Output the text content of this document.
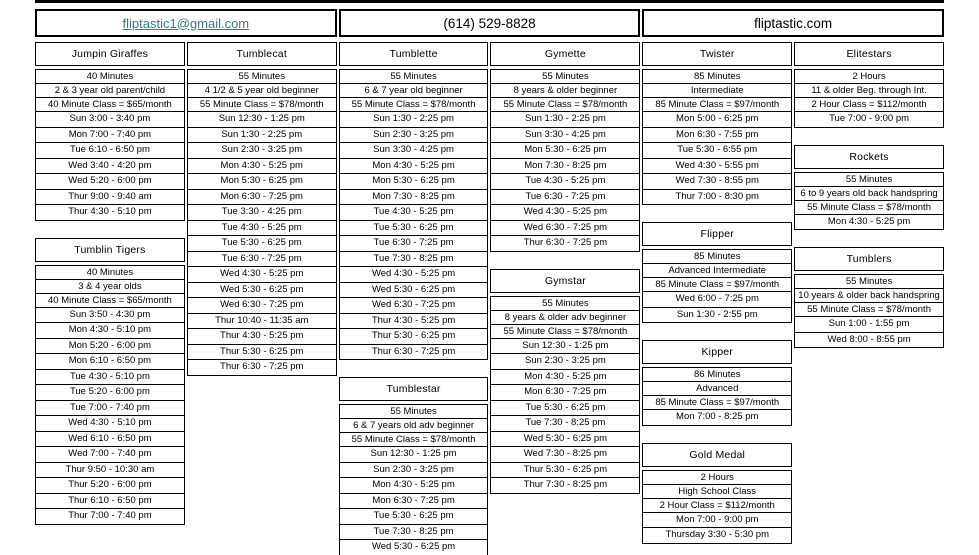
fliptastic1@gmail.com	(614) 529-8828	fliptastic.com
Jumpin Giraffes
40 Minutes
2 & 3 year old parent/child
40 Minute Class = $65/month
Sun 3:00 - 3:40 pm
Mon 7:00 - 7:40 pm
Tue 6:10 - 6:50 pm
Wed 3:40 - 4:20 pm
Wed 5:20 - 6:00 pm
Thur 9:00 - 9:40 am
Thur 4:30 - 5:10 pm
Tumblin Tigers
40 Minutes
3 & 4 year olds
40 Minute Class = $65/month
Sun 3:50 - 4:30 pm
Mon 4:30 - 5:10 pm
Mon 5:20 - 6:00 pm
Mon 6:10 - 6:50 pm
Tue 4:30 - 5:10 pm
Tue 5:20 - 6:00 pm
Tue 7:00 - 7:40 pm
Wed 4:30 - 5:10 pm
Wed 6:10 - 6:50 pm
Wed 7:00 - 7:40 pm
Thur 9:50 - 10:30 am
Thur 5:20 - 6:00 pm
Thur 6:10 - 6:50 pm
Thur 7:00 - 7:40 pm
Tumblecat
55 Minutes
4 1/2 & 5 year old beginner
55 Minute Class = $78/month
Sun 12:30 - 1:25 pm
Sun 1:30 - 2:25 pm
Sun 2:30 - 3:25 pm
Mon 4:30 - 5:25 pm
Mon 5:30 - 6:25 pm
Mon 6:30 - 7:25 pm
Tue 3:30 - 4:25 pm
Tue 4:30 - 5:25 pm
Tue 5:30 - 6:25 pm
Tue 6:30 - 7:25 pm
Wed 4:30 - 5:25 pm
Wed 5:30 - 6:25 pm
Wed 6:30 - 7:25 pm
Thur 10:40 - 11:35 am
Thur 4:30 - 5:25 pm
Thur 5:30 - 6:25 pm
Thur 6:30 - 7:25 pm
Tumblette
55 Minutes
6 & 7 year old beginner
55 Minute Class = $78/month
Sun 1:30 - 2:25 pm
Sun 2:30 - 3:25 pm
Sun 3:30 - 4:25 pm
Mon 4:30 - 5:25 pm
Mon 5:30 - 6:25 pm
Mon 7:30 - 8:25 pm
Tue 4:30 - 5:25 pm
Tue 5:30 - 6:25 pm
Tue 6:30 - 7:25 pm
Tue 7:30 - 8:25 pm
Wed 4:30 - 5:25 pm
Wed 5:30 - 6:25 pm
Wed 6:30 - 7:25 pm
Thur 4:30 - 5:25 pm
Thur 5:30 - 6:25 pm
Thur 6:30 - 7:25 pm
Tumblestar
55 Minutes
6 & 7 years old adv beginner
55 Minute Class = $78/month
Sun 12:30 - 1:25 pm
Sun 2:30 - 3:25 pm
Mon 4:30 - 5:25 pm
Mon 6:30 - 7:25 pm
Tue 5:30 - 6:25 pm
Tue 7:30 - 8:25 pm
Wed 5:30 - 6:25 pm
Gymette
55 Minutes
8 years & older beginner
55 Minute Class = $78/month
Sun 1:30 - 2:25 pm
Sun 3:30 - 4:25 pm
Mon 5:30 - 6:25 pm
Mon 7:30 - 8:25 pm
Tue 4:30 - 5:25 pm
Tue 6:30 - 7:25 pm
Wed 4:30 - 5:25 pm
Wed 6:30 - 7:25 pm
Thur 6:30 - 7:25 pm
Gymstar
55 Minutes
8 years & older adv beginner
55 Minute Class = $78/month
Sun 12:30 - 1:25 pm
Sun 2:30 - 3:25 pm
Mon 4:30 - 5:25 pm
Mon 6:30 - 7:25 pm
Tue 5:30 - 6:25 pm
Tue 7:30 - 8:25 pm
Wed 5:30 - 6:25 pm
Wed 7:30 - 8:25 pm
Thur 5:30 - 6:25 pm
Thur 7:30 - 8:25 pm
Twister
85 Minutes
Intermediate
85 Minute Class = $97/month
Mon 5:00 - 6:25 pm
Mon 6:30 - 7:55 pm
Tue 5:30 - 6:55 pm
Wed 4:30 - 5:55 pm
Wed 7:30 - 8:55 pm
Thur 7:00 - 8:30 pm
Flipper
85 Minutes
Advanced Intermediate
85 Minute Class = $97/month
Wed 6:00 - 7:25 pm
Sun 1:30 - 2:55 pm
Kipper
86 Minutes
Advanced
85 Minute Class = $97/month
Mon 7:00 - 8:25 pm
Gold Medal
2 Hours
High School Class
2 Hour Class = $112/month
Mon 7:00 - 9:00 pm
Thursday 3:30 - 5:30 pm
Elitestars
2 Hours
11 & older Beg. through Int.
2 Hour Class = $112/month
Tue 7:00 - 9:00 pm
Rockets
55 Minutes
6 to 9 years old back handspring
55 Minute Class = $78/month
Mon 4:30 - 5:25 pm
Tumblers
55 Minutes
10 years & older back handspring
55 Minute Class = $78/month
Sun 1:00 - 1:55 pm
Wed 8:00 - 8:55 pm
